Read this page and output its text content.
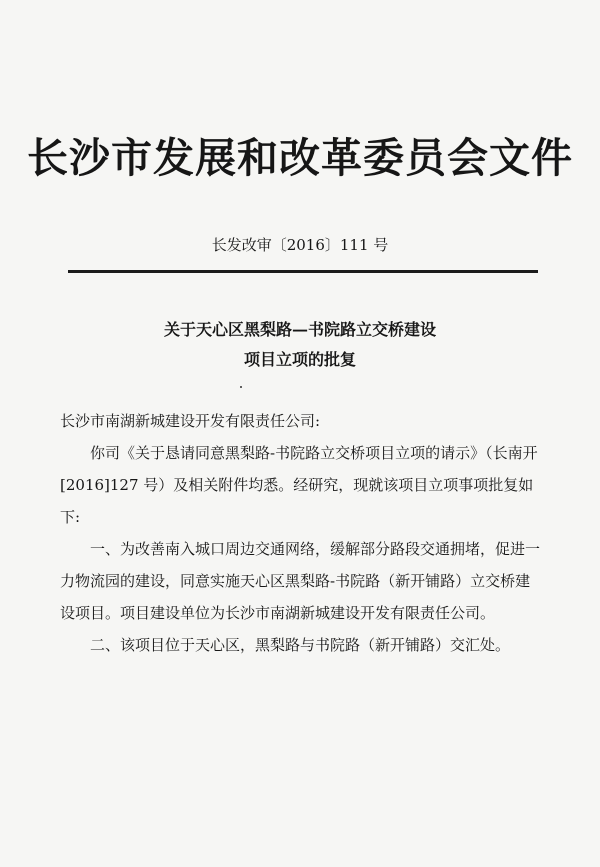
长沙市发展和改革委员会文件
长发改审〔2016〕111 号
关于天心区黑梨路—书院路立交桥建设
项目立项的批复

长沙市南湖新城建设开发有限责任公司:

你司《关于恳请同意黑梨路-书院路立交桥项目立项的请示》（长南开[2016]127 号）及相关附件均悉。经研究，现就该项目立项事项批复如下:

一、为改善南入城口周边交通网络，缓解部分路段交通拥堵，促进一力物流园的建设，同意实施天心区黑梨路-书院路（新开铺路）立交桥建设项目。项目建设单位为长沙市南湖新城建设开发有限责任公司。

二、该项目位于天心区，黑梨路与书院路（新开铺路）交汇处。
